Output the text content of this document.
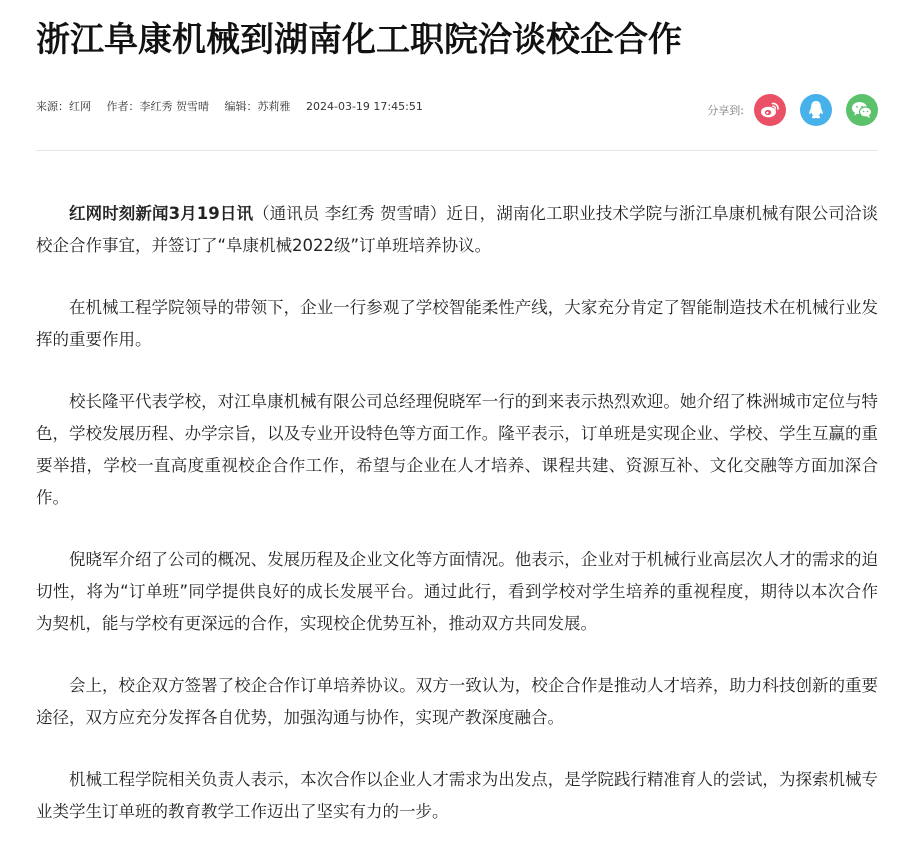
浙江阜康机械到湖南化工职院洽谈校企合作
来源：红网 作者：李红秀 贺雪晴 编辑：苏莉雅 2024-03-19 17:45:51	分享到:

红网时刻新闻3月19日讯（通讯员 李红秀 贺雪晴）近日，湖南化工职业技术学院与浙江阜康机械有限公司洽谈校企合作事宜，并签订了“阜康机械2022级”订单班培养协议。

在机械工程学院领导的带领下，企业一行参观了学校智能柔性产线，大家充分肯定了智能制造技术在机械行业发挥的重要作用。

校长隆平代表学校，对江阜康机械有限公司总经理倪晓军一行的到来表示热烈欢迎。她介绍了株洲城市定位与特色，学校发展历程、办学宗旨，以及专业开设特色等方面工作。隆平表示，订单班是实现企业、学校、学生互赢的重要举措，学校一直高度重视校企合作工作，希望与企业在人才培养、课程共建、资源互补、文化交融等方面加深合作。

倪晓军介绍了公司的概况、发展历程及企业文化等方面情况。他表示，企业对于机械行业高层次人才的需求的迫切性，将为“订单班”同学提供良好的成长发展平台。通过此行，看到学校对学生培养的重视程度，期待以本次合作为契机，能与学校有更深远的合作，实现校企优势互补，推动双方共同发展。

会上，校企双方签署了校企合作订单培养协议。双方一致认为，校企合作是推动人才培养，助力科技创新的重要途径，双方应充分发挥各自优势，加强沟通与协作，实现产教深度融合。

机械工程学院相关负责人表示，本次合作以企业人才需求为出发点，是学院践行精准育人的尝试，为探索机械专业类学生订单班的教育教学工作迈出了坚实有力的一步。
